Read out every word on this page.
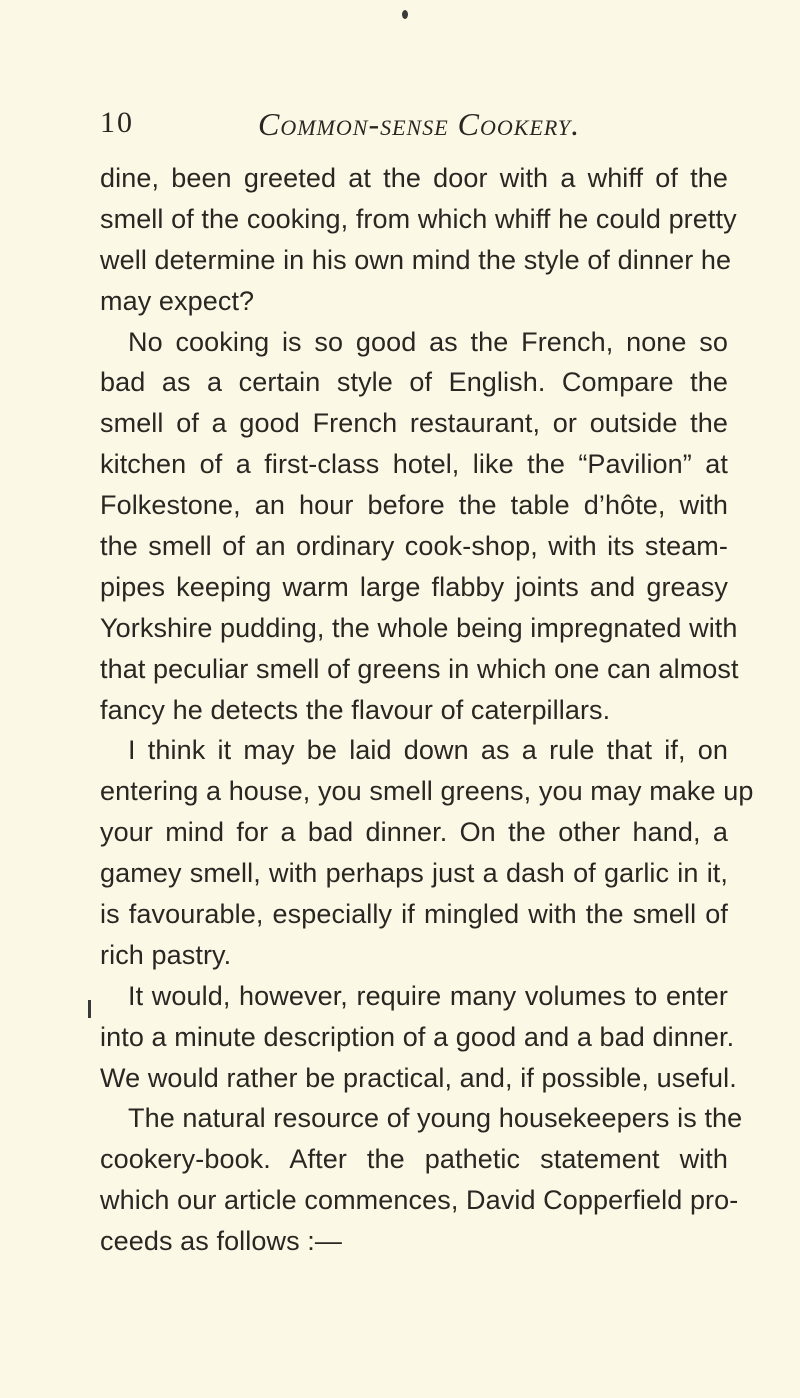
10	Common-sense Cookery.
dine, been greeted at the door with a whiff of the
smell of the cooking, from which whiff he could pretty
well determine in his own mind the style of dinner he
may expect?
No cooking is so good as the French, none so
bad as a certain style of English. Compare the
smell of a good French restaurant, or outside the
kitchen of a first-class hotel, like the “Pavilion” at
Folkestone, an hour before the table d’hôte, with
the smell of an ordinary cook-shop, with its steam-
pipes keeping warm large flabby joints and greasy
Yorkshire pudding, the whole being impregnated with
that peculiar smell of greens in which one can almost
fancy he detects the flavour of caterpillars.
I think it may be laid down as a rule that if, on
entering a house, you smell greens, you may make up
your mind for a bad dinner. On the other hand, a
gamey smell, with perhaps just a dash of garlic in it,
is favourable, especially if mingled with the smell of
rich pastry.
It would, however, require many volumes to enter
into a minute description of a good and a bad dinner.
We would rather be practical, and, if possible, useful.
The natural resource of young housekeepers is the
cookery-book. After the pathetic statement with
which our article commences, David Copperfield pro-
ceeds as follows :—
